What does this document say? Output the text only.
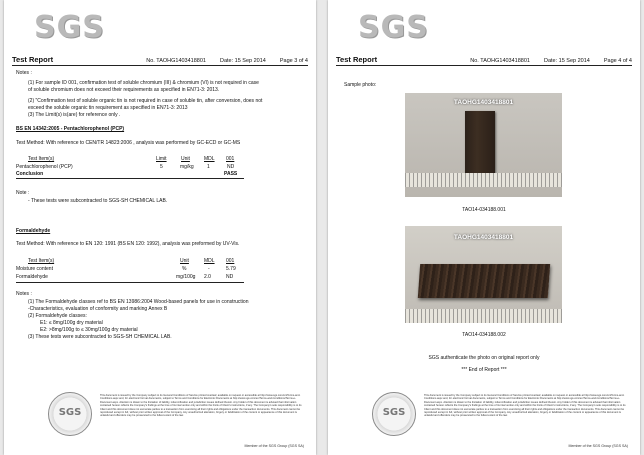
SGS
Test Report	No. TAOHG1403418801	Date: 15 Sep 2014	Page 3 of 4
Notes :
(1) For sample ID 001, confirmation test of soluble chromium (III) & chromium (VI) is not required in case
of soluble chromium does not exceed their requirements as specified in EN71-3: 2013.
(2) "Confirmation test of soluble organic tin is not required in case of soluble tin, after conversion, does not
exceed the soluble organic tin requirement as specified in EN71-3: 2013
(3) The Limit(s) is(are) for reference only .
BS EN 14342:2005 - Pentachlorophenol (PCP)
Test Method: With reference to CEN/TR 14823:2006 , analysis was performed by GC-ECD or GC-MS
Test Item(s)	Limit	Unit	MDL 001
Pentachlorophenol (PCP)	5	mg/kg	1	ND
Conclusion	PASS
Note :
- These tests were subcontracted to SGS-SH CHEMICAL LAB.
Formaldehyde
Test Method: With reference to EN 120: 1991 (BS EN 120: 1992), analysis was preformed by UV-Vis.
Test Item(s)	Unit	MDL 001
Moisture content	%	-	5.79
Formaldehyde	mg/100g 2.0	ND
Notes :
(1) The Formaldehyde classes ref to BS EN 13986:2004 Wood-based panels for use in construction
-Characteristics, evaluation of conformity and marking Annex B
(2) Formaldehyde classes:
E1: ≤ 8mg/100g dry material
E2: >8mg/100g to ≤ 30mg/100g dry material
(3) These tests were subcontracted to SGS-SH CHEMICAL LAB.
SGS
This document is issued by the Company subject to its General Conditions of Service printed overleaf, available on request or accessible at http://www.sgs.com/en/Terms-and-Conditions.aspx and, for electronic format documents, subject to Terms and Conditions for Electronic Documents at http://www.sgs.com/en/Terms-and-Conditions/Terms-e-Document.aspx. Attention is drawn to the limitation of liability, indemnification and jurisdiction issues defined therein. Any holder of this document is advised that information contained hereon reflects the Company's findings at the time of its intervention only and within the limits of Client's instructions, if any. The Company's sole responsibility is to its Client and this document does not exonerate parties to a transaction from exercising all their rights and obligations under the transaction documents. This document cannot be reproduced except in full, without prior written approval of the Company. Any unauthorized alteration, forgery or falsification of the content or appearance of this document is unlawful and offenders may be prosecuted to the fullest extent of the law.
Member of the SGS Group (SGS SA)
SGS
Test Report	No. TAOHG1403418801	Date: 15 Sep 2014	Page 4 of 4
Sample photo:
TAOHG1403418801
TAO14-034188.001
TAOHG1403418801
TAO14-034188.002
SGS authenticate the photo on original report only
*** End of Report ***
SGS
This document is issued by the Company subject to its General Conditions of Service printed overleaf, available on request or accessible at http://www.sgs.com/en/Terms-and-Conditions.aspx and, for electronic format documents, subject to Terms and Conditions for Electronic Documents at http://www.sgs.com/en/Terms-and-Conditions/Terms-e-Document.aspx. Attention is drawn to the limitation of liability, indemnification and jurisdiction issues defined therein. Any holder of this document is advised that information contained hereon reflects the Company's findings at the time of its intervention only and within the limits of Client's instructions, if any. The Company's sole responsibility is to its Client and this document does not exonerate parties to a transaction from exercising all their rights and obligations under the transaction documents. This document cannot be reproduced except in full, without prior written approval of the Company. Any unauthorized alteration, forgery or falsification of the content or appearance of this document is unlawful and offenders may be prosecuted to the fullest extent of the law.
Member of the SGS Group (SGS SA)
